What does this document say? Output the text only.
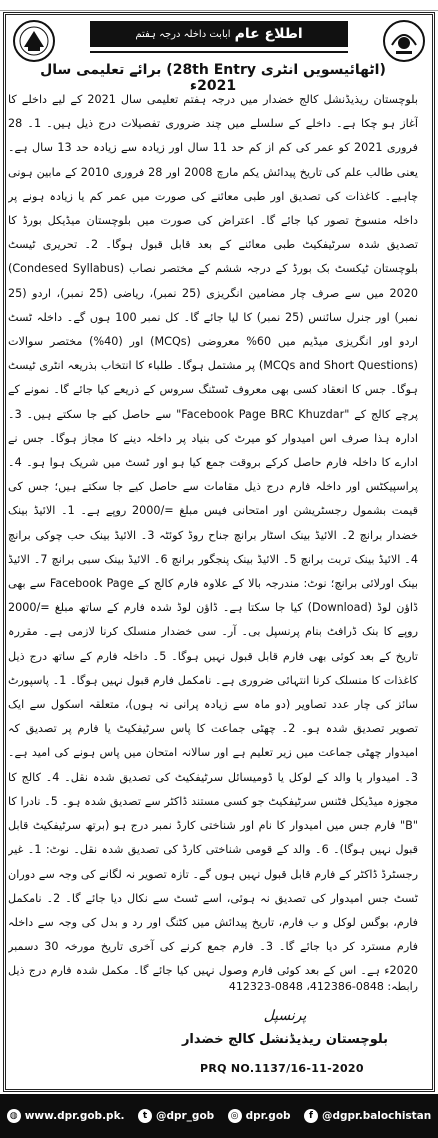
اطلاع عام
ابابت داخلہ درجہ ہفتم
(اٹھائیسویں انٹری 28th Entry) برائے تعلیمی سال 2021ء

بلوچستان ریذیڈنشل کالج خضدار میں درجہ ہفتم تعلیمی سال 2021 کے لیے داخلے کا آغاز ہو چکا ہے۔ داخلے کے سلسلے میں چند ضروری تفصیلات درج ذیل ہیں۔ 1۔ 28 فروری 2021 کو عمر کی کم از کم حد 11 سال اور زیادہ سے زیادہ حد 13 سال ہے۔ یعنی طالب علم کی تاریخ پیدائش یکم مارچ 2008 اور 28 فروری 2010 کے مابین ہونی چاہیے۔ کاغذات کی تصدیق اور طبی معائنے کی صورت میں عمر کم یا زیادہ ہونے پر داخلہ منسوخ تصور کیا جائے گا۔ اعتراض کی صورت میں بلوچستان میڈیکل بورڈ کا تصدیق شدہ سرٹیفکیٹ طبی معائنے کے بعد قابل قبول ہوگا۔ 2۔ تحریری ٹیسٹ بلوچستان ٹیکسٹ بک بورڈ کے درجہ ششم کے مختصر نصاب (Condesed Syllabus) 2020 میں سے صرف چار مضامین انگریزی (25 نمبر)، ریاضی (25 نمبر)، اردو (25 نمبر) اور جنرل سائنس (25 نمبر) کا لیا جائے گا۔ کل نمبر 100 ہوں گے۔ داخلہ ٹسٹ اردو اور انگریزی میڈیم میں 60% معروضی (MCQs) اور (40%) مختصر سوالات (MCQs and Short Questions) پر مشتمل ہوگا۔ طلباء کا انتخاب بذریعہ انٹری ٹیسٹ ہوگا۔ جس کا انعقاد کسی بھی معروف ٹسٹنگ سروس کے ذریعے کیا جائے گا۔ نمونے کے پرچے کالج کے "Facebook Page BRC Khuzdar" سے حاصل کیے جا سکتے ہیں۔ 3۔ ادارہ ہذا صرف اس امیدوار کو میرٹ کی بنیاد پر داخلہ دینے کا مجاز ہوگا۔ جس نے ادارے کا داخلہ فارم حاصل کرکے بروقت جمع کیا ہو اور ٹسٹ میں شریک ہوا ہو۔ 4۔ پراسپیکٹس اور داخلہ فارم درج ذیل مقامات سے حاصل کیے جا سکتے ہیں؛ جس کی قیمت بشمول رجسٹریشن اور امتحانی فیس مبلغ =/2000 روپے ہے۔ 1۔ الائیڈ بینک خضدار برانچ 2۔ الائیڈ بینک اسٹار برانچ جناح روڈ کوئٹہ 3۔ الائیڈ بینک حب چوکی برانچ 4۔ الائیڈ بینک تربت برانچ 5۔ الائیڈ بینک پنجگور برانچ 6۔ الائیڈ بینک سبی برانچ 7۔ الائیڈ بینک اورلائی برانچ؛ نوٹ: مندرجہ بالا کے علاوہ فارم کالج کے Facebook Page سے بھی ڈاؤن لوڈ (Download) کیا جا سکتا ہے۔ ڈاؤن لوڈ شدہ فارم کے ساتھ مبلغ =/2000 روپے کا بنک ڈرافٹ بنام پرنسپل بی۔ آر۔ سی خضدار منسلک کرنا لازمی ہے۔ مقررہ تاریخ کے بعد کوئی بھی فارم قابل قبول نہیں ہوگا۔ 5۔ داخلہ فارم کے ساتھ درج ذیل کاغذات کا منسلک کرنا انتہائی ضروری ہے۔ نامکمل فارم قبول نہیں ہوگا۔ 1۔ پاسپورٹ سائز کی چار عدد تصاویر (دو ماہ سے زیادہ پرانی نہ ہوں)، متعلقہ اسکول سے ایک تصویر تصدیق شدہ ہو۔ 2۔ چھٹی جماعت کا پاس سرٹیفکیٹ یا فارم پر تصدیق کہ امیدوار چھٹی جماعت میں زیر تعلیم ہے اور سالانہ امتحان میں پاس ہونے کی امید ہے۔ 3۔ امیدوار یا والد کے لوکل یا ڈومیسائل سرٹیفکیٹ کی تصدیق شدہ نقل۔ 4۔ کالج کا مجوزہ میڈیکل فٹنس سرٹیفکیٹ جو کسی مستند ڈاکٹر سے تصدیق شدہ ہو۔ 5۔ نادرا کا "B" فارم جس میں امیدوار کا نام اور شناختی کارڈ نمبر درج ہو (برتھ سرٹیفکیٹ قابل قبول نہیں ہوگا)۔ 6۔ والد کے قومی شناختی کارڈ کی تصدیق شدہ نقل۔ نوٹ: 1۔ غیر رجسٹرڈ ڈاکٹر کے فارم قابل قبول نہیں ہوں گے۔ تازہ تصویر نہ لگانے کی وجہ سے دوران ٹسٹ جس امیدوار کی تصدیق نہ ہوئی، اسے ٹسٹ سے نکال دیا جائے گا۔ 2۔ نامکمل فارم، بوگس لوکل و ب فارم، تاریخ پیدائش میں کٹنگ اور رد و بدل کی وجہ سے داخلہ فارم مسترد کر دیا جائے گا۔ 3۔ فارم جمع کرنے کی آخری تاریخ مورخہ 30 دسمبر 2020ء ہے۔ اس کے بعد کوئی فارم وصول نہیں کیا جائے گا۔ مکمل شدہ فارم درج ذیل

رابطہ: 0848-412386، 0848-412323
پرنسپل
بلوچستان ریذیڈنشل کالج خضدار
PRQ NO.1137/16-11-2020
◍ www.dpr.gob.pk.	t @dpr_gob	◎ dpr.gob	f @dgpr.balochistan
